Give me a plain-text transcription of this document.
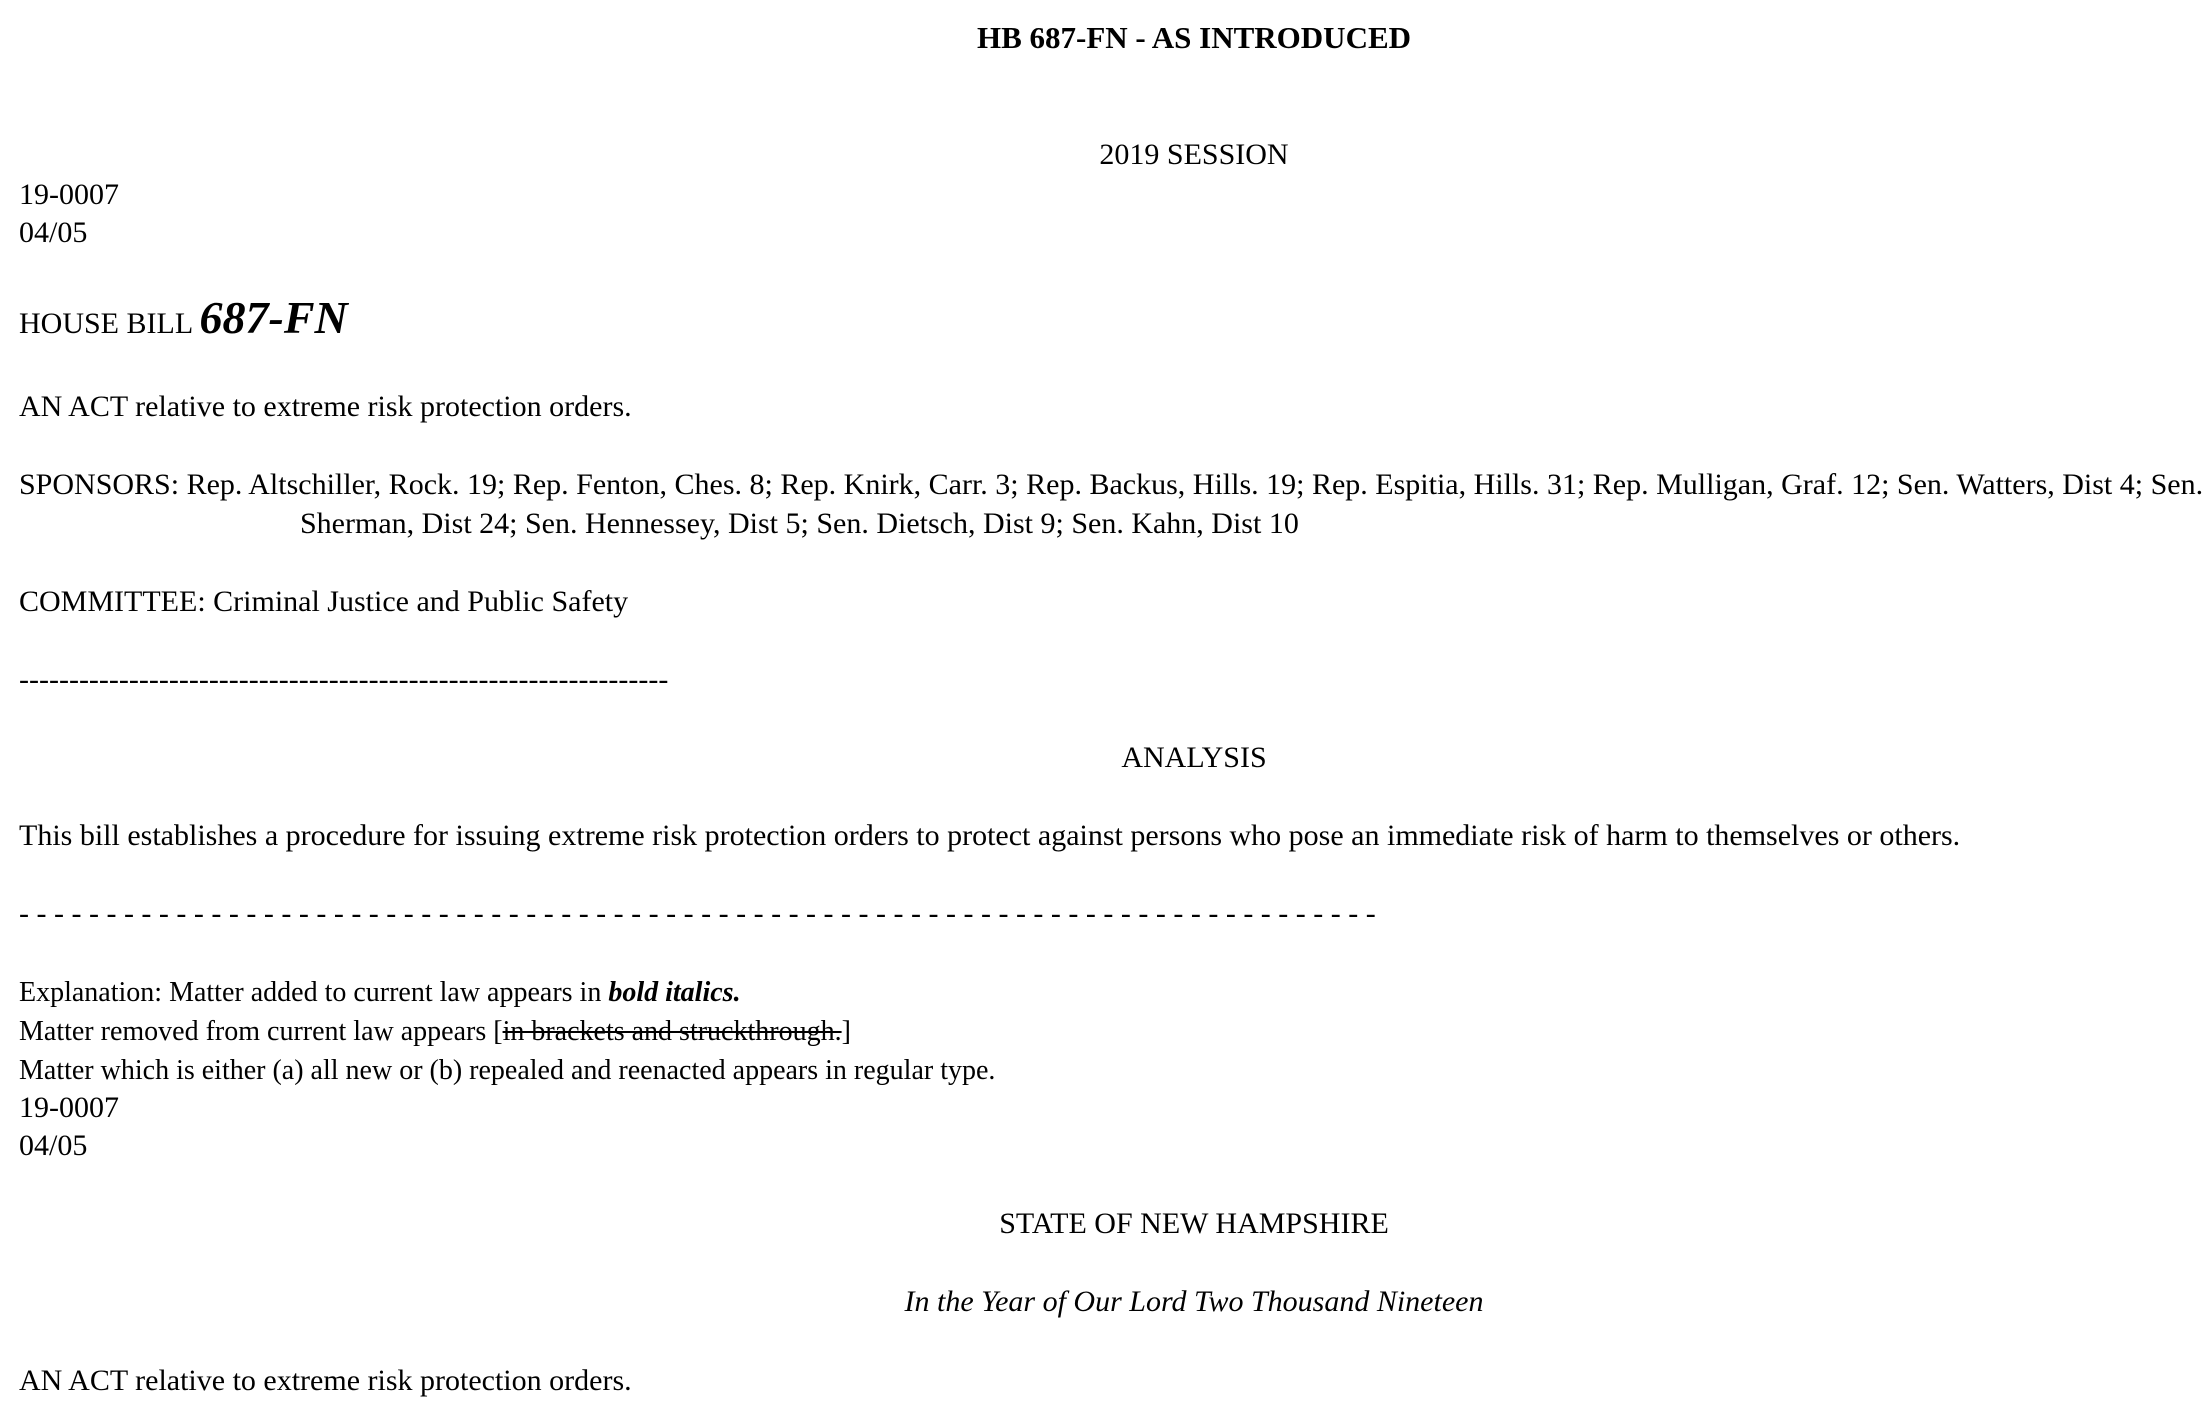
HB 687-FN - AS INTRODUCED
2019 SESSION
19-0007
04/05
HOUSE BILL 687-FN
AN ACT relative to extreme risk protection orders.
SPONSORS: Rep. Altschiller, Rock. 19; Rep. Fenton, Ches. 8; Rep. Knirk, Carr. 3; Rep. Backus, Hills. 19; Rep. Espitia, Hills. 31; Rep. Mulligan, Graf. 12; Sen. Watters, Dist 4; Sen.
Sherman, Dist 24; Sen. Hennessey, Dist 5; Sen. Dietsch, Dist 9; Sen. Kahn, Dist 10
COMMITTEE: Criminal Justice and Public Safety
-----------------------------------------------------------------
ANALYSIS
This bill establishes a procedure for issuing extreme risk protection orders to protect against persons who pose an immediate risk of harm to themselves or others.
- - - - - - - - - - - - - - - - - - - - - - - - - - - - - - - - - - - - - - - - - - - - - - - - - - - - - - - - - - - - - - - - - - - - - - - - - - - - - -
Explanation: Matter added to current law appears in bold italics.
Matter removed from current law appears [in brackets and struckthrough.]
Matter which is either (a) all new or (b) repealed and reenacted appears in regular type.
19-0007
04/05
STATE OF NEW HAMPSHIRE
In the Year of Our Lord Two Thousand Nineteen
AN ACT relative to extreme risk protection orders.
